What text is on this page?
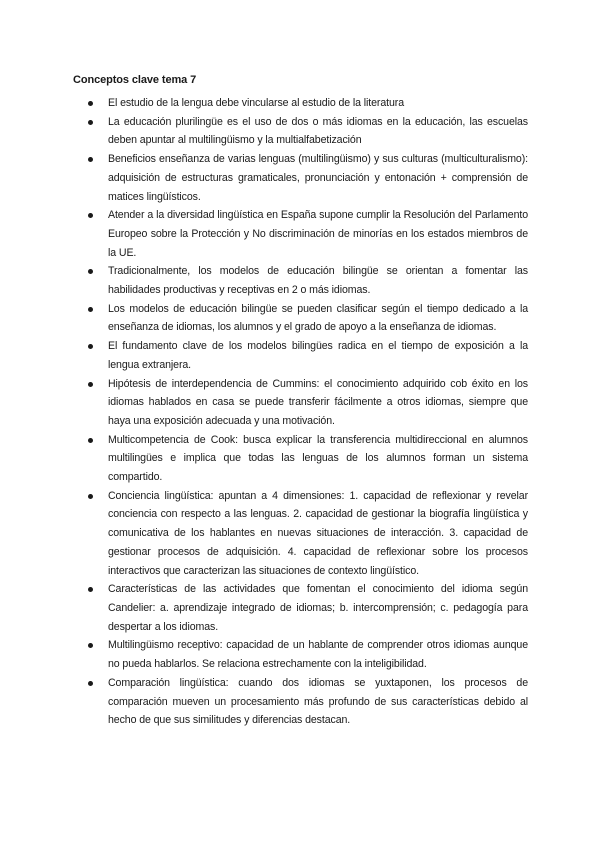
Conceptos clave tema 7
El estudio de la lengua debe vincularse al estudio de la literatura
La educación plurilingüe es el uso de dos o más idiomas en la educación, las escuelas deben apuntar al multilingüismo y la multialfabetización
Beneficios enseñanza de varias lenguas (multilingüismo) y sus culturas (multiculturalismo): adquisición de estructuras gramaticales, pronunciación y entonación + comprensión de matices lingüísticos.
Atender a la diversidad lingüística en España supone cumplir la Resolución del Parlamento Europeo sobre la Protección y No discriminación de minorías en los estados miembros de la UE.
Tradicionalmente, los modelos de educación bilingüe se orientan a fomentar las habilidades productivas y receptivas en 2 o más idiomas.
Los modelos de educación bilingüe se pueden clasificar según el tiempo dedicado a la enseñanza de idiomas, los alumnos y el grado de apoyo a la enseñanza de idiomas.
El fundamento clave de los modelos bilingües radica en el tiempo de exposición a la lengua extranjera.
Hipótesis de interdependencia de Cummins: el conocimiento adquirido cob éxito en los idiomas hablados en casa se puede transferir fácilmente a otros idiomas, siempre que haya una exposición adecuada y una motivación.
Multicompetencia de Cook: busca explicar la transferencia multidireccional en alumnos multilingües e implica que todas las lenguas de los alumnos forman un sistema compartido.
Conciencia lingüística: apuntan a 4 dimensiones: 1. capacidad de reflexionar y revelar conciencia con respecto a las lenguas. 2. capacidad de gestionar la biografía lingüística y comunicativa de los hablantes en nuevas situaciones de interacción. 3. capacidad de gestionar procesos de adquisición. 4. capacidad de reflexionar sobre los procesos interactivos que caracterizan las situaciones de contexto lingüístico.
Características de las actividades que fomentan el conocimiento del idioma según Candelier: a. aprendizaje integrado de idiomas; b. intercomprensión; c. pedagogía para despertar a los idiomas.
Multilingüismo receptivo: capacidad de un hablante de comprender otros idiomas aunque no pueda hablarlos. Se relaciona estrechamente con la inteligibilidad.
Comparación lingüística: cuando dos idiomas se yuxtaponen, los procesos de comparación mueven un procesamiento más profundo de sus características debido al hecho de que sus similitudes y diferencias destacan.
